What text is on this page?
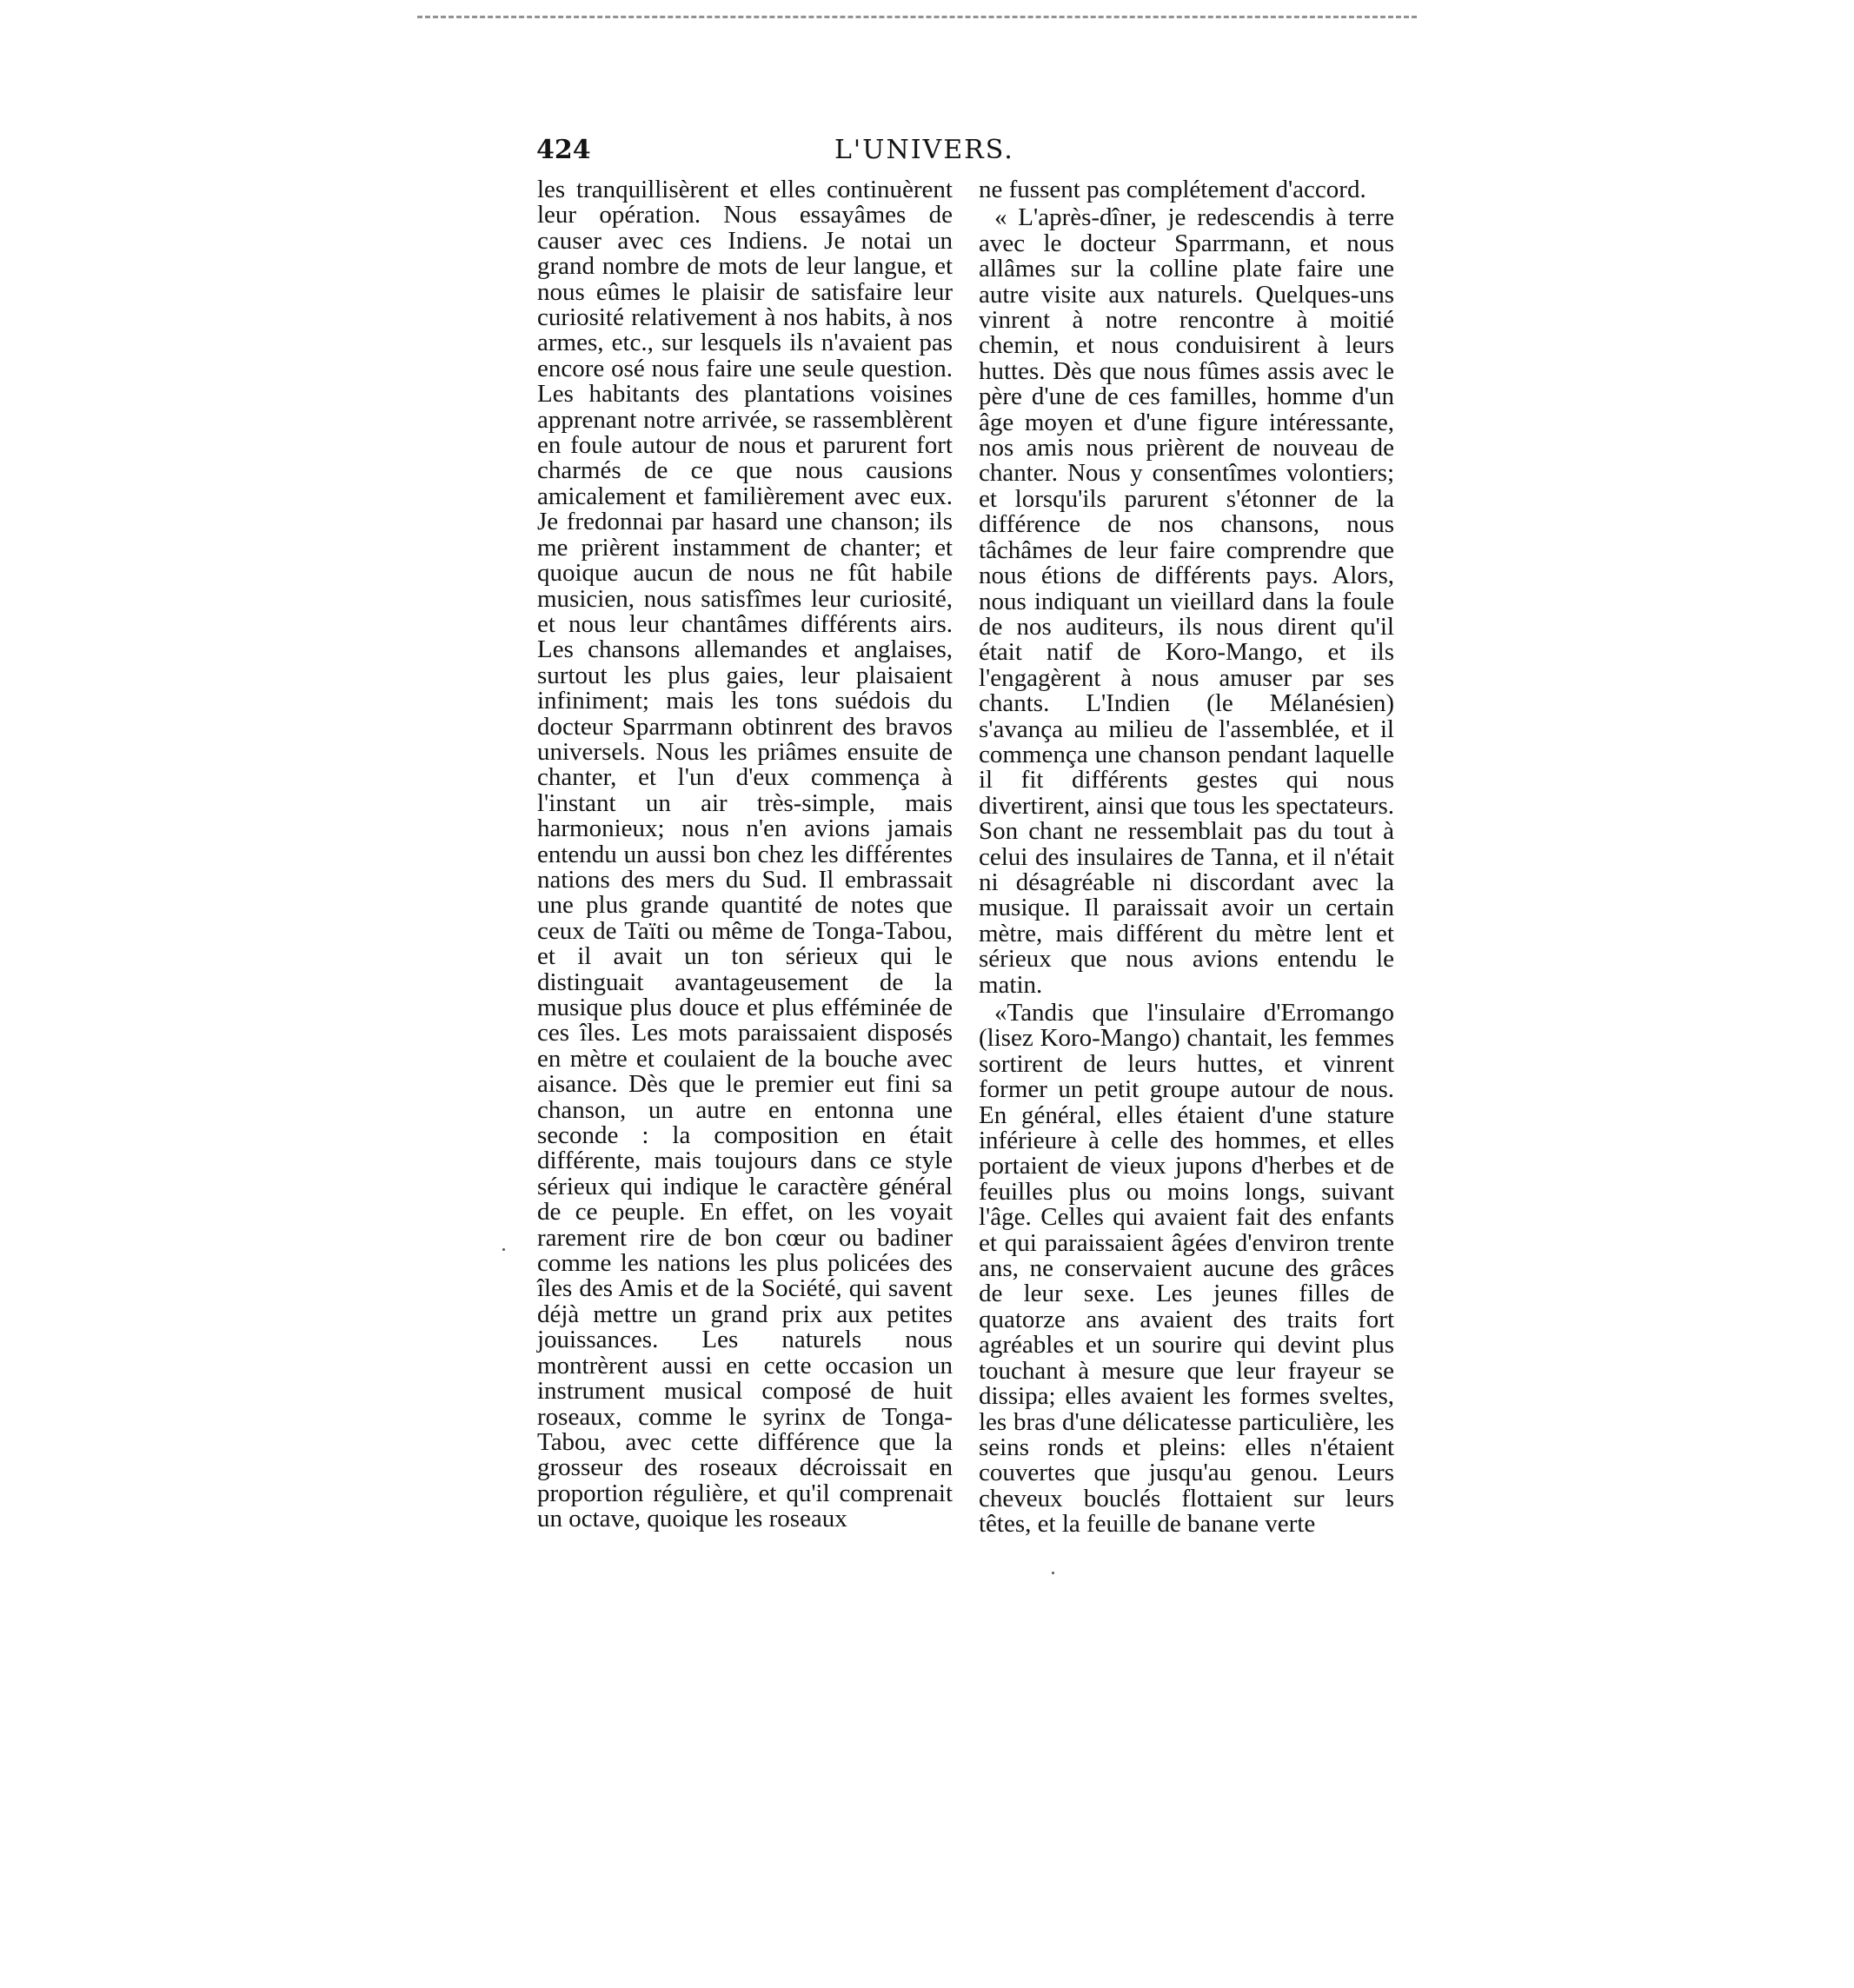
424	L'UNIVERS.

les tranquillisèrent et elles continuèrent leur opération. Nous essayâmes de causer avec ces Indiens. Je notai un grand nombre de mots de leur langue, et nous eûmes le plaisir de satisfaire leur curiosité relativement à nos habits, à nos armes, etc., sur lesquels ils n'avaient pas encore osé nous faire une seule question. Les habitants des plantations voisines apprenant notre arrivée, se rassemblèrent en foule autour de nous et parurent fort charmés de ce que nous causions amicalement et familièrement avec eux. Je fredonnai par hasard une chanson; ils me prièrent instamment de chanter; et quoique aucun de nous ne fût habile musicien, nous satisfîmes leur curiosité, et nous leur chantâmes différents airs. Les chansons allemandes et anglaises, surtout les plus gaies, leur plaisaient infiniment; mais les tons suédois du docteur Sparrmann obtinrent des bravos universels. Nous les priâmes ensuite de chanter, et l'un d'eux commença à l'instant un air très-simple, mais harmonieux; nous n'en avions jamais entendu un aussi bon chez les différentes nations des mers du Sud. Il embrassait une plus grande quantité de notes que ceux de Taïti ou même de Tonga-Tabou, et il avait un ton sérieux qui le distinguait avantageusement de la musique plus douce et plus efféminée de ces îles. Les mots paraissaient disposés en mètre et coulaient de la bouche avec aisance. Dès que le premier eut fini sa chanson, un autre en entonna une seconde : la composition en était différente, mais toujours dans ce style sérieux qui indique le caractère général de ce peuple. En effet, on les voyait rarement rire de bon cœur ou badiner comme les nations les plus policées des îles des Amis et de la Société, qui savent déjà mettre un grand prix aux petites jouissances. Les naturels nous montrèrent aussi en cette occasion un instrument musical composé de huit roseaux, comme le syrinx de Tonga-Tabou, avec cette différence que la grosseur des roseaux décroissait en proportion régulière, et qu'il comprenait un octave, quoique les roseaux

ne fussent pas complétement d'accord.

« L'après-dîner, je redescendis à terre avec le docteur Sparrmann, et nous allâmes sur la colline plate faire une autre visite aux naturels. Quelques-uns vinrent à notre rencontre à moitié chemin, et nous conduisirent à leurs huttes. Dès que nous fûmes assis avec le père d'une de ces familles, homme d'un âge moyen et d'une figure intéressante, nos amis nous prièrent de nouveau de chanter. Nous y consentîmes volontiers; et lorsqu'ils parurent s'étonner de la différence de nos chansons, nous tâchâmes de leur faire comprendre que nous étions de différents pays. Alors, nous indiquant un vieillard dans la foule de nos auditeurs, ils nous dirent qu'il était natif de Koro-Mango, et ils l'engagèrent à nous amuser par ses chants. L'Indien (le Mélanésien) s'avança au milieu de l'assemblée, et il commença une chanson pendant laquelle il fit différents gestes qui nous divertirent, ainsi que tous les spectateurs. Son chant ne ressemblait pas du tout à celui des insulaires de Tanna, et il n'était ni désagréable ni discordant avec la musique. Il paraissait avoir un certain mètre, mais différent du mètre lent et sérieux que nous avions entendu le matin.

«Tandis que l'insulaire d'Erromango (lisez Koro-Mango) chantait, les femmes sortirent de leurs huttes, et vinrent former un petit groupe autour de nous. En général, elles étaient d'une stature inférieure à celle des hommes, et elles portaient de vieux jupons d'herbes et de feuilles plus ou moins longs, suivant l'âge. Celles qui avaient fait des enfants et qui paraissaient âgées d'environ trente ans, ne conservaient aucune des grâces de leur sexe. Les jeunes filles de quatorze ans avaient des traits fort agréables et un sourire qui devint plus touchant à mesure que leur frayeur se dissipa; elles avaient les formes sveltes, les bras d'une délicatesse particulière, les seins ronds et pleins: elles n'étaient couvertes que jusqu'au genou. Leurs cheveux bouclés flottaient sur leurs têtes, et la feuille de banane verte
